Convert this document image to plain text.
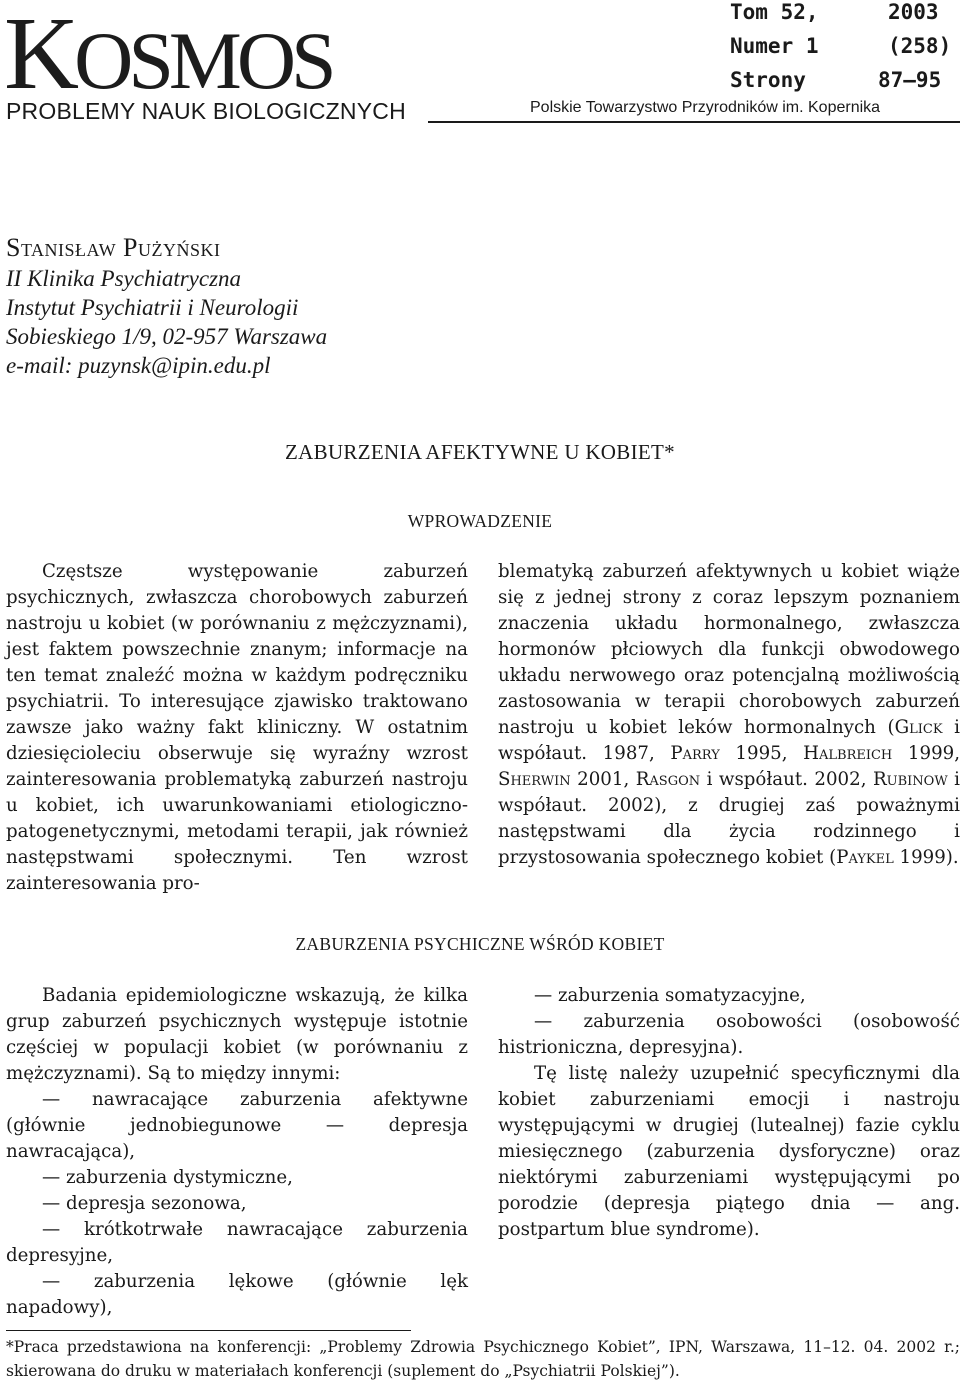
KOSMOS
PROBLEMY NAUK BIOLOGICZNYCH
Tom 52,	2003
Numer 1	(258)
Strony	87–95
Polskie Towarzystwo Przyrodników im. Kopernika
Stanisław Pużyński
II Klinika Psychiatryczna
Instytut Psychiatrii i Neurologii
Sobieskiego 1/9, 02-957 Warszawa
e-mail: puzynsk@ipin.edu.pl
ZABURZENIA AFEKTYWNE U KOBIET*
WPROWADZENIE

Częstsze występowanie zaburzeń psychicznych, zwłaszcza chorobowych zaburzeń nastroju u kobiet (w porównaniu z mężczyznami), jest faktem powszechnie znanym; informacje na ten temat znaleźć można w każdym podręczniku psychiatrii. To interesujące zjawisko traktowano zawsze jako ważny fakt kliniczny. W ostatnim dziesięcioleciu obserwuje się wyraźny wzrost zainteresowania problematyką zaburzeń nastroju u kobiet, ich uwarunkowaniami etiologiczno-patogenetycznymi, metodami terapii, jak również następstwami społecznymi. Ten wzrost zainteresowania pro-

blematyką zaburzeń afektywnych u kobiet wiąże się z jednej strony z coraz lepszym poznaniem znaczenia układu hormonalnego, zwłaszcza hormonów płciowych dla funkcji obwodowego układu nerwowego oraz potencjalną możliwością zastosowania w terapii chorobowych zaburzeń nastroju u kobiet leków hormonalnych (Glick i współaut. 1987, Parry 1995, Halbreich 1999, Sherwin 2001, Rasgon i współaut. 2002, Rubinow i współaut. 2002), z drugiej zaś poważnymi następstwami dla życia rodzinnego i przystosowania społecznego kobiet (Paykel 1999).

ZABURZENIA PSYCHICZNE WŚRÓD KOBIET

Badania epidemiologiczne wskazują, że kilka grup zaburzeń psychicznych występuje istotnie częściej w populacji kobiet (w porównaniu z mężczyznami). Są to między innymi:

— nawracające zaburzenia afektywne (głównie jednobiegunowe — depresja nawracająca),

— zaburzenia dystymiczne,

— depresja sezonowa,

— krótkotrwałe nawracające zaburzenia depresyjne,

— zaburzenia lękowe (głównie lęk napadowy),

— zaburzenia somatyzacyjne,

— zaburzenia osobowości (osobowość histrioniczna, depresyjna).

Tę listę należy uzupełnić specyficznymi dla kobiet zaburzeniami emocji i nastroju występującymi w drugiej (lutealnej) fazie cyklu miesięcznego (zaburzenia dysforyczne) oraz niektórymi zaburzeniami występującymi po porodzie (depresja piątego dnia — ang. postpartum blue syndrome).

*Praca przedstawiona na konferencji: „Problemy Zdrowia Psychicznego Kobiet”, IPN, Warszawa, 11–12. 04. 2002 r.; skierowana do druku w materiałach konferencji (suplement do „Psychiatrii Polskiej”).
